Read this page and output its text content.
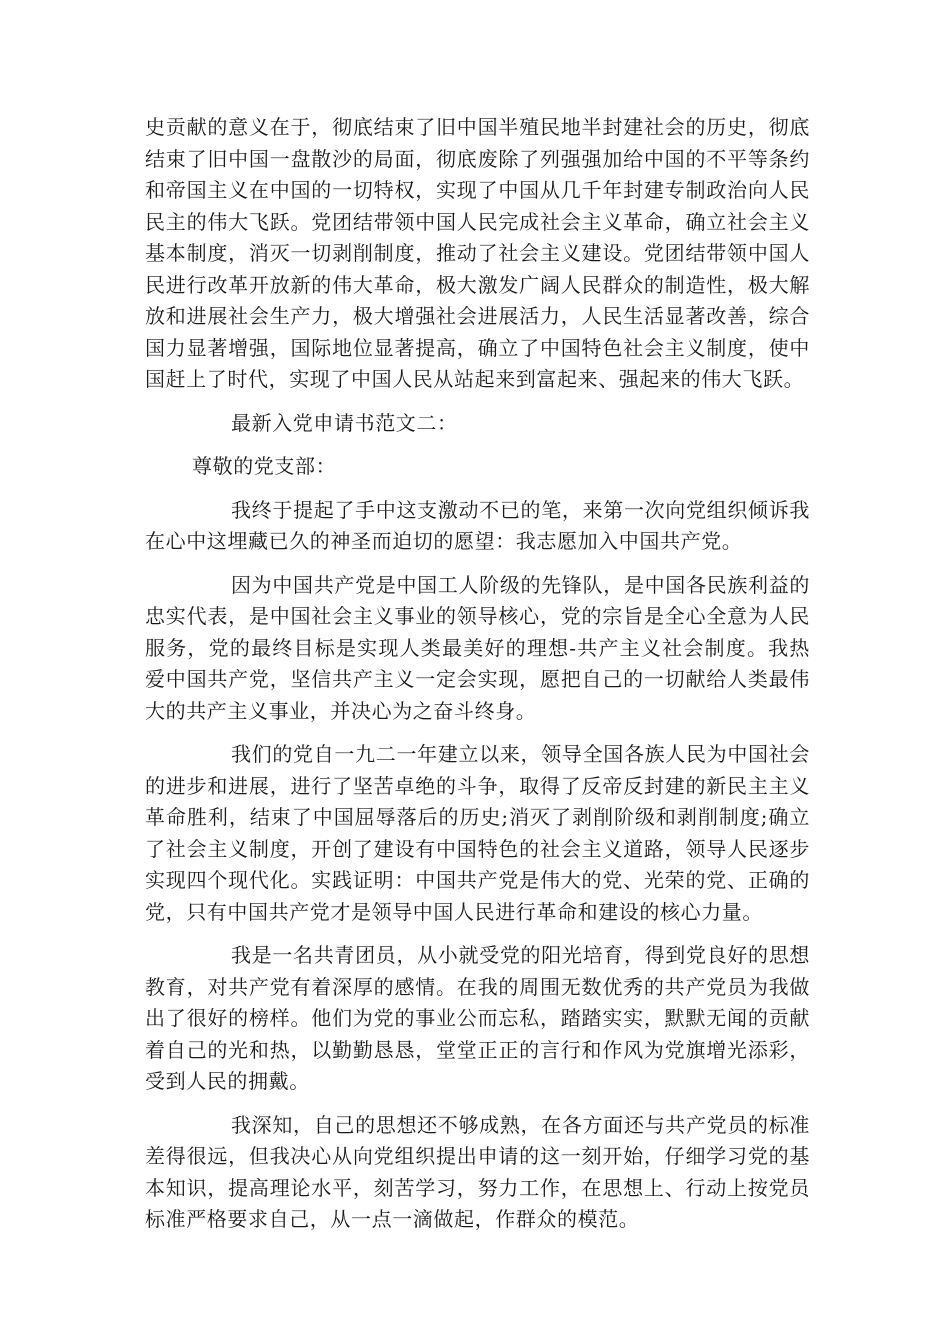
史贡献的意义在于，彻底结束了旧中国半殖民地半封建社会的历史，彻底结束了旧中国一盘散沙的局面，彻底废除了列强强加给中国的不平等条约和帝国主义在中国的一切特权，实现了中国从几千年封建专制政治向人民民主的伟大飞跃。党团结带领中国人民完成社会主义革命，确立社会主义基本制度，消灭一切剥削制度，推动了社会主义建设。党团结带领中国人民进行改革开放新的伟大革命，极大激发广阔人民群众的制造性，极大解放和进展社会生产力，极大增强社会进展活力，人民生活显著改善，综合国力显著增强，国际地位显著提高，确立了中国特色社会主义制度，使中国赶上了时代，实现了中国人民从站起来到富起来、强起来的伟大飞跃。

最新入党申请书范文二：

尊敬的党支部：

我终于提起了手中这支激动不已的笔，来第一次向党组织倾诉我在心中这埋藏已久的神圣而迫切的愿望：我志愿加入中国共产党。

因为中国共产党是中国工人阶级的先锋队，是中国各民族利益的忠实代表，是中国社会主义事业的领导核心，党的宗旨是全心全意为人民服务，党的最终目标是实现人类最美好的理想-共产主义社会制度。我热爱中国共产党，坚信共产主义一定会实现，愿把自己的一切献给人类最伟大的共产主义事业，并决心为之奋斗终身。

我们的党自一九二一年建立以来，领导全国各族人民为中国社会的进步和进展，进行了坚苦卓绝的斗争，取得了反帝反封建的新民主主义革命胜利，结束了中国屈辱落后的历史;消灭了剥削阶级和剥削制度;确立了社会主义制度，开创了建设有中国特色的社会主义道路，领导人民逐步实现四个现代化。实践证明：中国共产党是伟大的党、光荣的党、正确的党，只有中国共产党才是领导中国人民进行革命和建设的核心力量。

我是一名共青团员，从小就受党的阳光培育，得到党良好的思想教育，对共产党有着深厚的感情。在我的周围无数优秀的共产党员为我做出了很好的榜样。他们为党的事业公而忘私，踏踏实实，默默无闻的贡献着自己的光和热，以勤勤恳恳，堂堂正正的言行和作风为党旗增光添彩，受到人民的拥戴。

我深知，自己的思想还不够成熟，在各方面还与共产党员的标准差得很远，但我决心从向党组织提出申请的这一刻开始，仔细学习党的基本知识，提高理论水平，刻苦学习，努力工作，在思想上、行动上按党员标准严格要求自己，从一点一滴做起，作群众的模范。
